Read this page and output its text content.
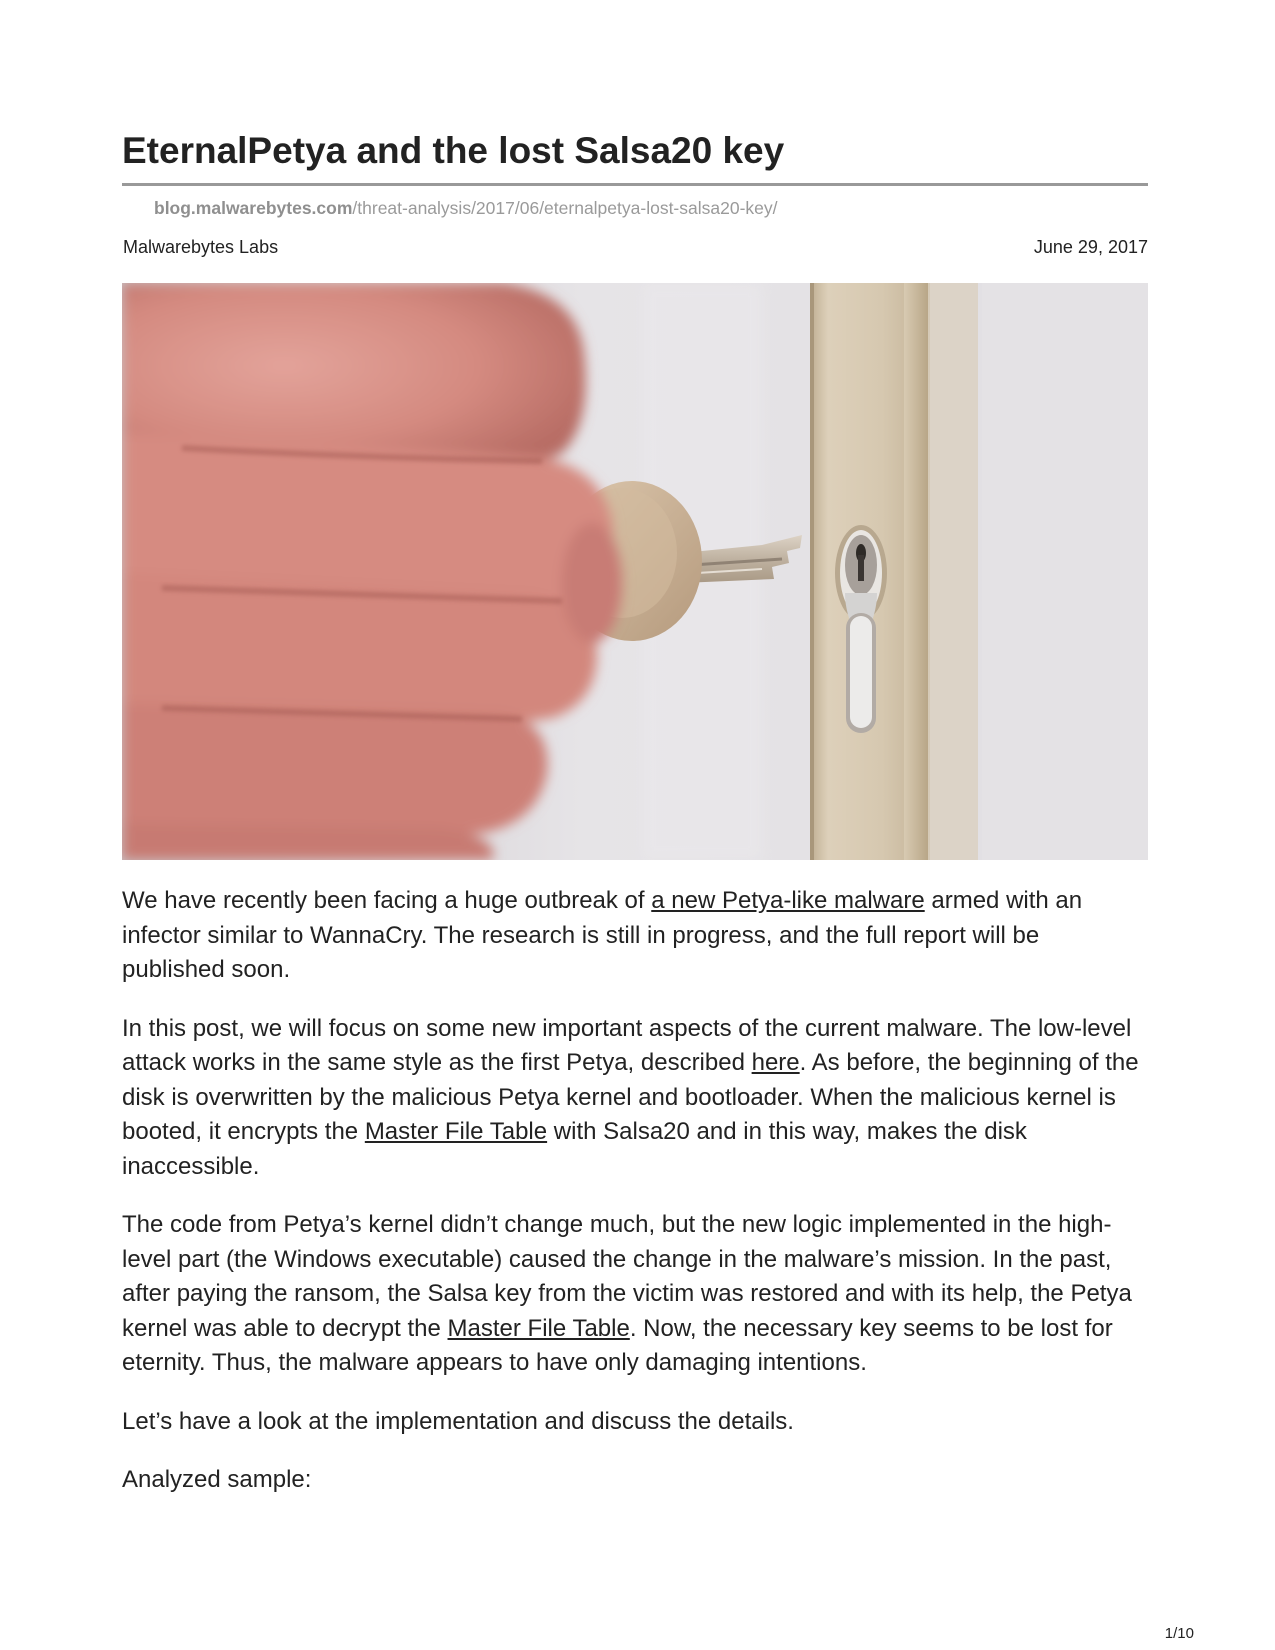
EternalPetya and the lost Salsa20 key
blog.malwarebytes.com/threat-analysis/2017/06/eternalpetya-lost-salsa20-key/
Malwarebytes Labs	June 29, 2017

We have recently been facing a huge outbreak of a new Petya-like malware armed with an infector similar to WannaCry. The research is still in progress, and the full report will be published soon.

In this post, we will focus on some new important aspects of the current malware. The low-level attack works in the same style as the first Petya, described here. As before, the beginning of the disk is overwritten by the malicious Petya kernel and bootloader. When the malicious kernel is booted, it encrypts the Master File Table with Salsa20 and in this way, makes the disk inaccessible.

The code from Petya’s kernel didn’t change much, but the new logic implemented in the high-level part (the Windows executable) caused the change in the malware’s mission. In the past, after paying the ransom, the Salsa key from the victim was restored and with its help, the Petya kernel was able to decrypt the Master File Table. Now, the necessary key seems to be lost for eternity. Thus, the malware appears to have only damaging intentions.

Let’s have a look at the implementation and discuss the details.

Analyzed sample:

1/10
